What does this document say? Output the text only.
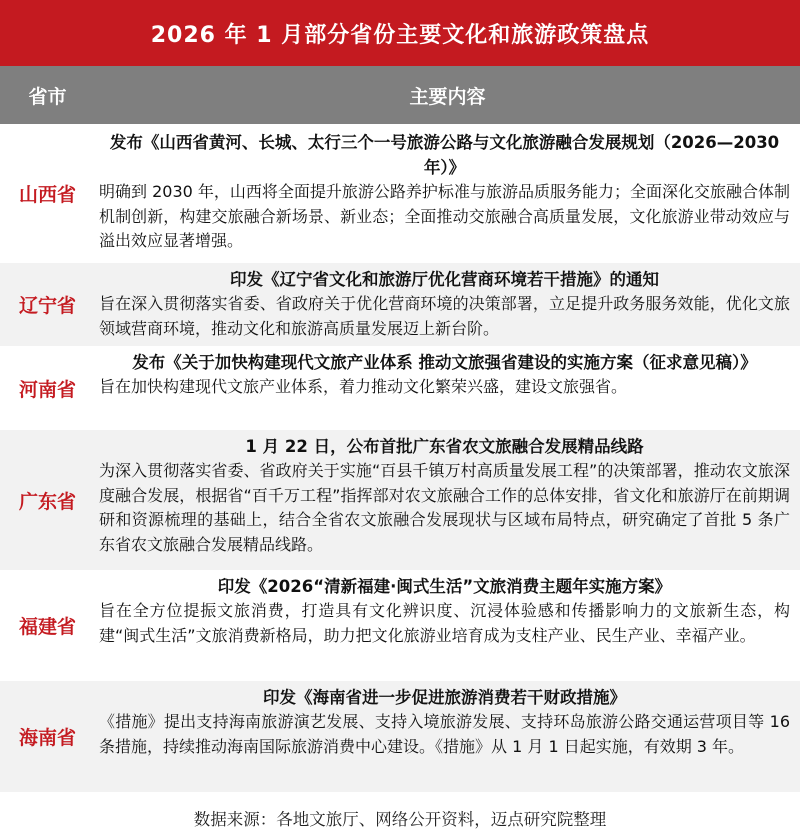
2026 年 1 月部分省份主要文化和旅游政策盘点
省市	主要内容
山西省
发布《山西省黄河、长城、太行三个一号旅游公路与文化旅游融合发展规划（2026—2030 年）》
明确到 2030 年，山西将全面提升旅游公路养护标准与旅游品质服务能力；全面深化交旅融合体制机制创新，构建交旅融合新场景、新业态；全面推动交旅融合高质量发展，文化旅游业带动效应与溢出效应显著增强。
辽宁省
印发《辽宁省文化和旅游厅优化营商环境若干措施》的通知
旨在深入贯彻落实省委、省政府关于优化营商环境的决策部署，立足提升政务服务效能，优化文旅领域营商环境，推动文化和旅游高质量发展迈上新台阶。
河南省
发布《关于加快构建现代文旅产业体系 推动文旅强省建设的实施方案（征求意见稿）》
旨在加快构建现代文旅产业体系，着力推动文化繁荣兴盛，建设文旅强省。
广东省
1 月 22 日，公布首批广东省农文旅融合发展精品线路
为深入贯彻落实省委、省政府关于实施“百县千镇万村高质量发展工程”的决策部署，推动农文旅深度融合发展，根据省“百千万工程”指挥部对农文旅融合工作的总体安排，省文化和旅游厅在前期调研和资源梳理的基础上，结合全省农文旅融合发展现状与区域布局特点，研究确定了首批 5 条广东省农文旅融合发展精品线路。
福建省
印发《2026“清新福建·闽式生活”文旅消费主题年实施方案》
旨在全方位提振文旅消费，打造具有文化辨识度、沉浸体验感和传播影响力的文旅新生态，构建“闽式生活”文旅消费新格局，助力把文化旅游业培育成为支柱产业、民生产业、幸福产业。
海南省
印发《海南省进一步促进旅游消费若干财政措施》
《措施》提出支持海南旅游演艺发展、支持入境旅游发展、支持环岛旅游公路交通运营项目等 16 条措施，持续推动海南国际旅游消费中心建设。《措施》从 1 月 1 日起实施，有效期 3 年。
数据来源：各地文旅厅、网络公开资料，迈点研究院整理
